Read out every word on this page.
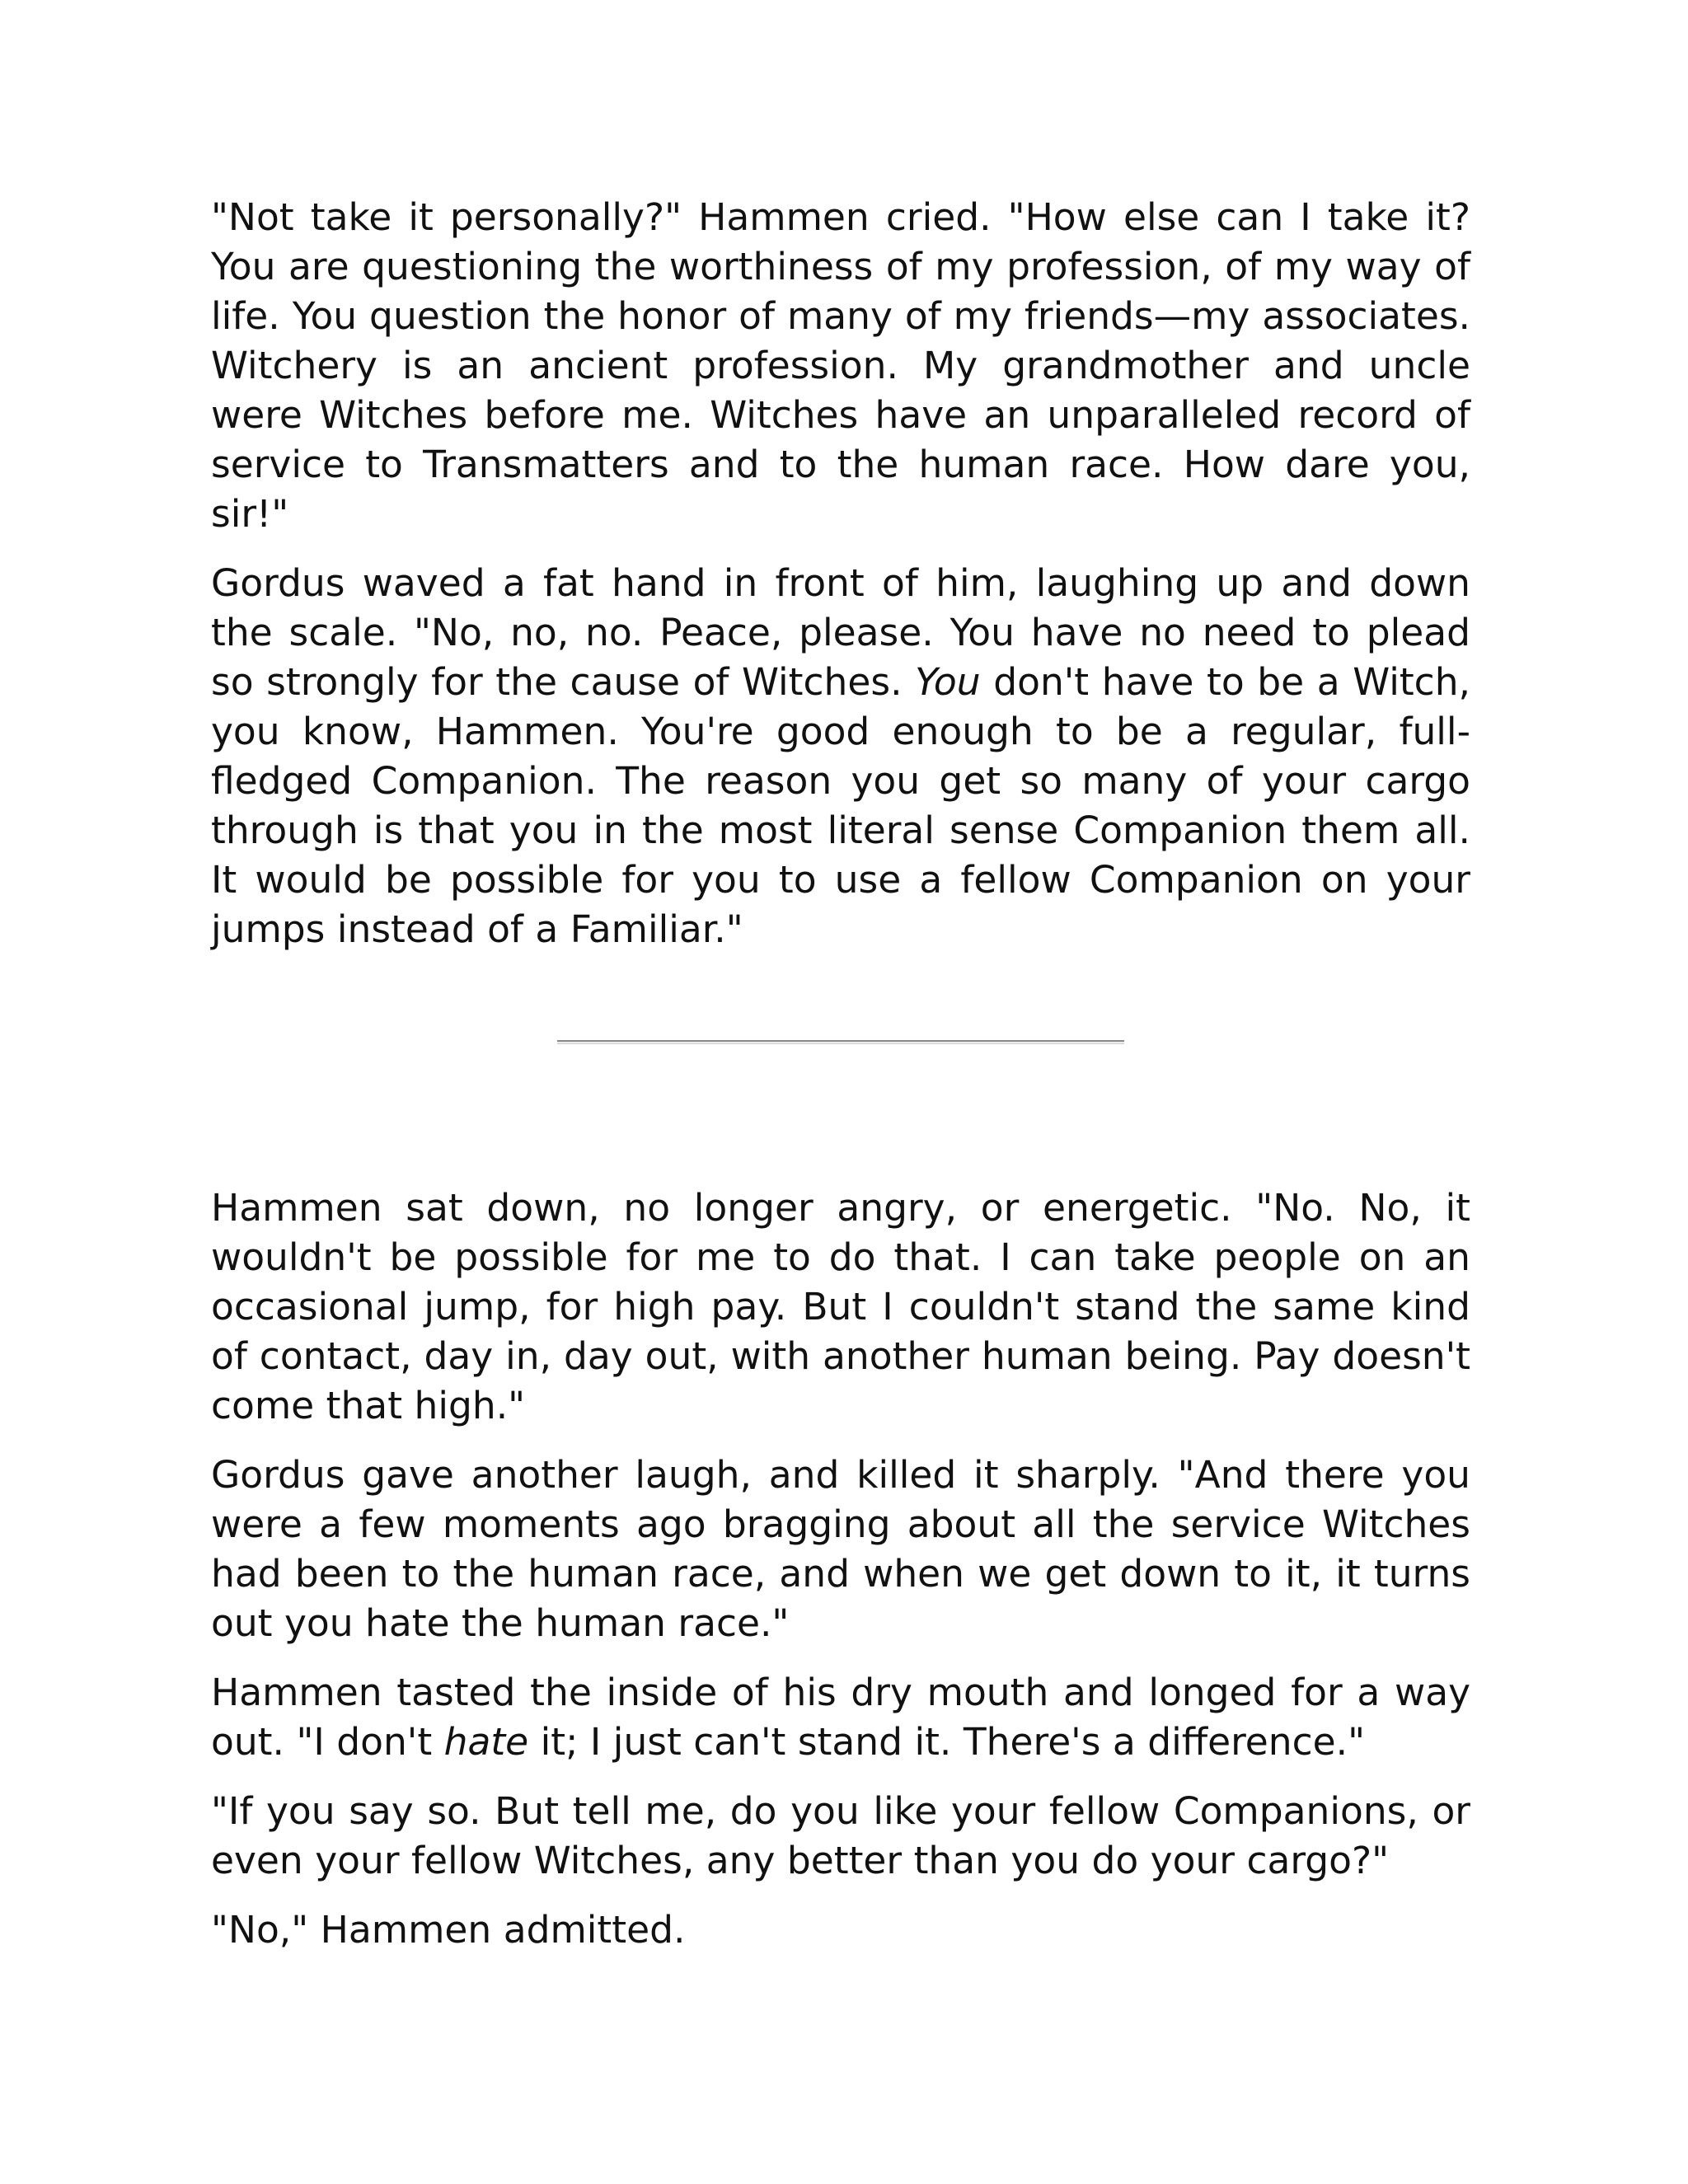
"Not take it personally?" Hammen cried. "How else can I take it? You are questioning the worthiness of my profession, of my way of life. You question the honor of many of my friends—my associates. Witchery is an ancient profession. My grandmother and uncle were Witches before me. Witches have an unparalleled record of service to Transmatters and to the human race. How dare you, sir!"

Gordus waved a fat hand in front of him, laughing up and down the scale. "No, no, no. Peace, please. You have no need to plead so strongly for the cause of Witches. You don't have to be a Witch, you know, Hammen. You're good enough to be a regular, full-fledged Companion. The reason you get so many of your cargo through is that you in the most literal sense Companion them all. It would be possible for you to use a fellow Companion on your jumps instead of a Familiar."

Hammen sat down, no longer angry, or energetic. "No. No, it wouldn't be possible for me to do that. I can take people on an occasional jump, for high pay. But I couldn't stand the same kind of contact, day in, day out, with another human being. Pay doesn't come that high."

Gordus gave another laugh, and killed it sharply. "And there you were a few moments ago bragging about all the service Witches had been to the human race, and when we get down to it, it turns out you hate the human race."

Hammen tasted the inside of his dry mouth and longed for a way out. "I don't hate it; I just can't stand it. There's a difference."

"If you say so. But tell me, do you like your fellow Companions, or even your fellow Witches, any better than you do your cargo?"

"No," Hammen admitted.
